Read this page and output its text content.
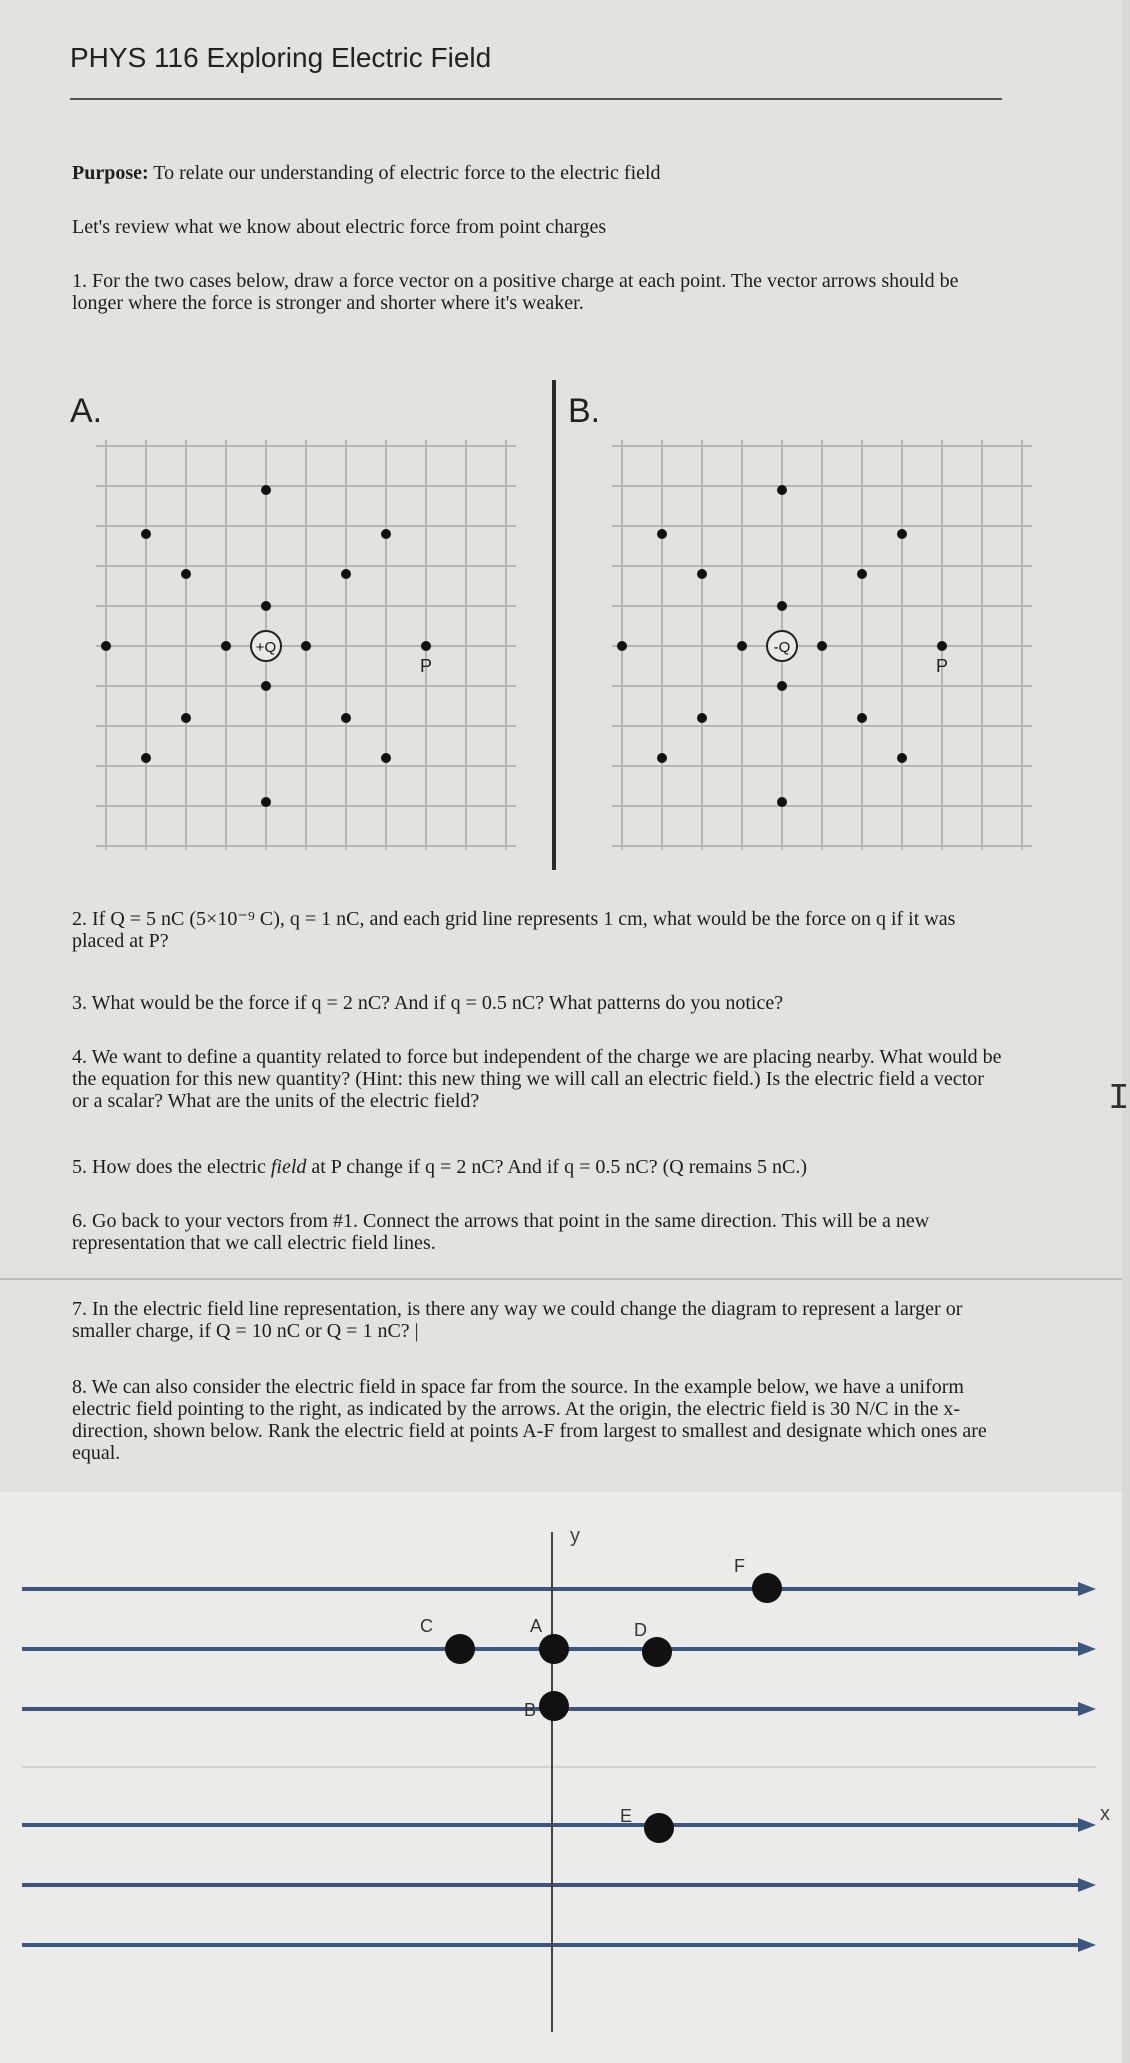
PHYS 116 Exploring Electric Field
Purpose: To relate our understanding of electric force to the electric field
Let's review what we know about electric force from point charges
1. For the two cases below, draw a force vector on a positive charge at each point. The vector arrows should be longer where the force is stronger and shorter where it's weaker.
A.
P
+Q
B.
P
-Q
2. If Q = 5 nC (5×10⁻⁹ C), q = 1 nC, and each grid line represents 1 cm, what would be the force on q if it was placed at P?
3. What would be the force if q = 2 nC? And if q = 0.5 nC? What patterns do you notice?
4. We want to define a quantity related to force but independent of the charge we are placing nearby. What would be the equation for this new quantity? (Hint: this new thing we will call an electric field.) Is the electric field a vector or a scalar? What are the units of the electric field?
5. How does the electric field at P change if q = 2 nC? And if q = 0.5 nC? (Q remains 5 nC.)
6. Go back to your vectors from #1. Connect the arrows that point in the same direction. This will be a new representation that we call electric field lines.
7. In the electric field line representation, is there any way we could change the diagram to represent a larger or smaller charge, if Q = 10 nC or Q = 1 nC? |
8. We can also consider the electric field in space far from the source. In the example below, we have a uniform electric field pointing to the right, as indicated by the arrows. At the origin, the electric field is 30 N/C in the x-direction, shown below. Rank the electric field at points A-F from largest to smallest and designate which ones are equal.
I
y
x
A
B
C	D
E
F
